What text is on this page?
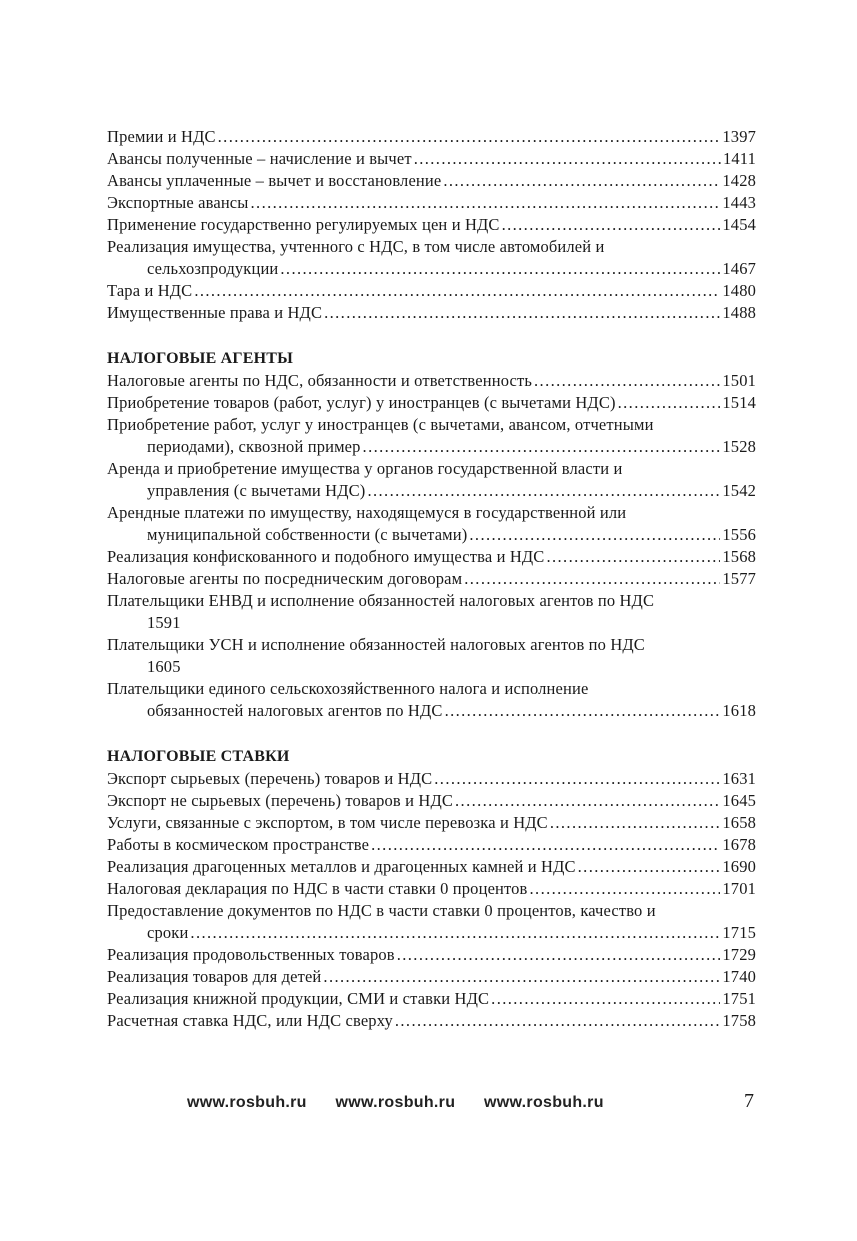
Премии и НДС .....	1397
Авансы полученные – начисление и вычет .....	1411
Авансы уплаченные – вычет и восстановление .....	1428
Экспортные авансы .....	1443
Применение государственно регулируемых цен и НДС .....	1454
Реализация имущества, учтенного с НДС, в том числе автомобилей и
сельхозпродукции .....	1467
Тара и НДС .....	1480
Имущественные права и НДС .....	1488
НАЛОГОВЫЕ АГЕНТЫ
Налоговые агенты по НДС, обязанности и ответственность .....	1501
Приобретение товаров (работ, услуг) у иностранцев (с вычетами НДС) .....	1514
Приобретение работ, услуг у иностранцев (с вычетами, авансом, отчетными
периодами), сквозной пример .....	1528
Аренда и приобретение имущества у органов государственной власти и
управления (с вычетами НДС) .....	1542
Арендные платежи по имуществу, находящемуся в государственной или
муниципальной собственности (с вычетами) .....	1556
Реализация конфискованного и подобного имущества и НДС .....	1568
Налоговые агенты по посредническим договорам .....	1577
Плательщики ЕНВД и исполнение обязанностей налоговых агентов по НДС
1591
Плательщики УСН и исполнение обязанностей налоговых агентов по НДС
1605
Плательщики единого сельскохозяйственного налога и исполнение
обязанностей налоговых агентов по НДС .....	1618
НАЛОГОВЫЕ СТАВКИ
Экспорт сырьевых (перечень) товаров и НДС .....	1631
Экспорт не сырьевых (перечень) товаров и НДС .....	1645
Услуги, связанные с экспортом, в том числе перевозка и НДС .....	1658
Работы в космическом пространстве .....	1678
Реализация драгоценных металлов и драгоценных камней и НДС .....	1690
Налоговая декларация по НДС в части ставки 0 процентов .....	1701
Предоставление документов по НДС в части ставки 0 процентов, качество и
сроки .....	1715
Реализация продовольственных товаров .....	1729
Реализация товаров для детей .....	1740
Реализация книжной продукции, СМИ и ставки НДС .....	1751
Расчетная ставка НДС, или НДС сверху .....	1758
www.rosbuh.ru www.rosbuh.ru www.rosbuh.ru	7
